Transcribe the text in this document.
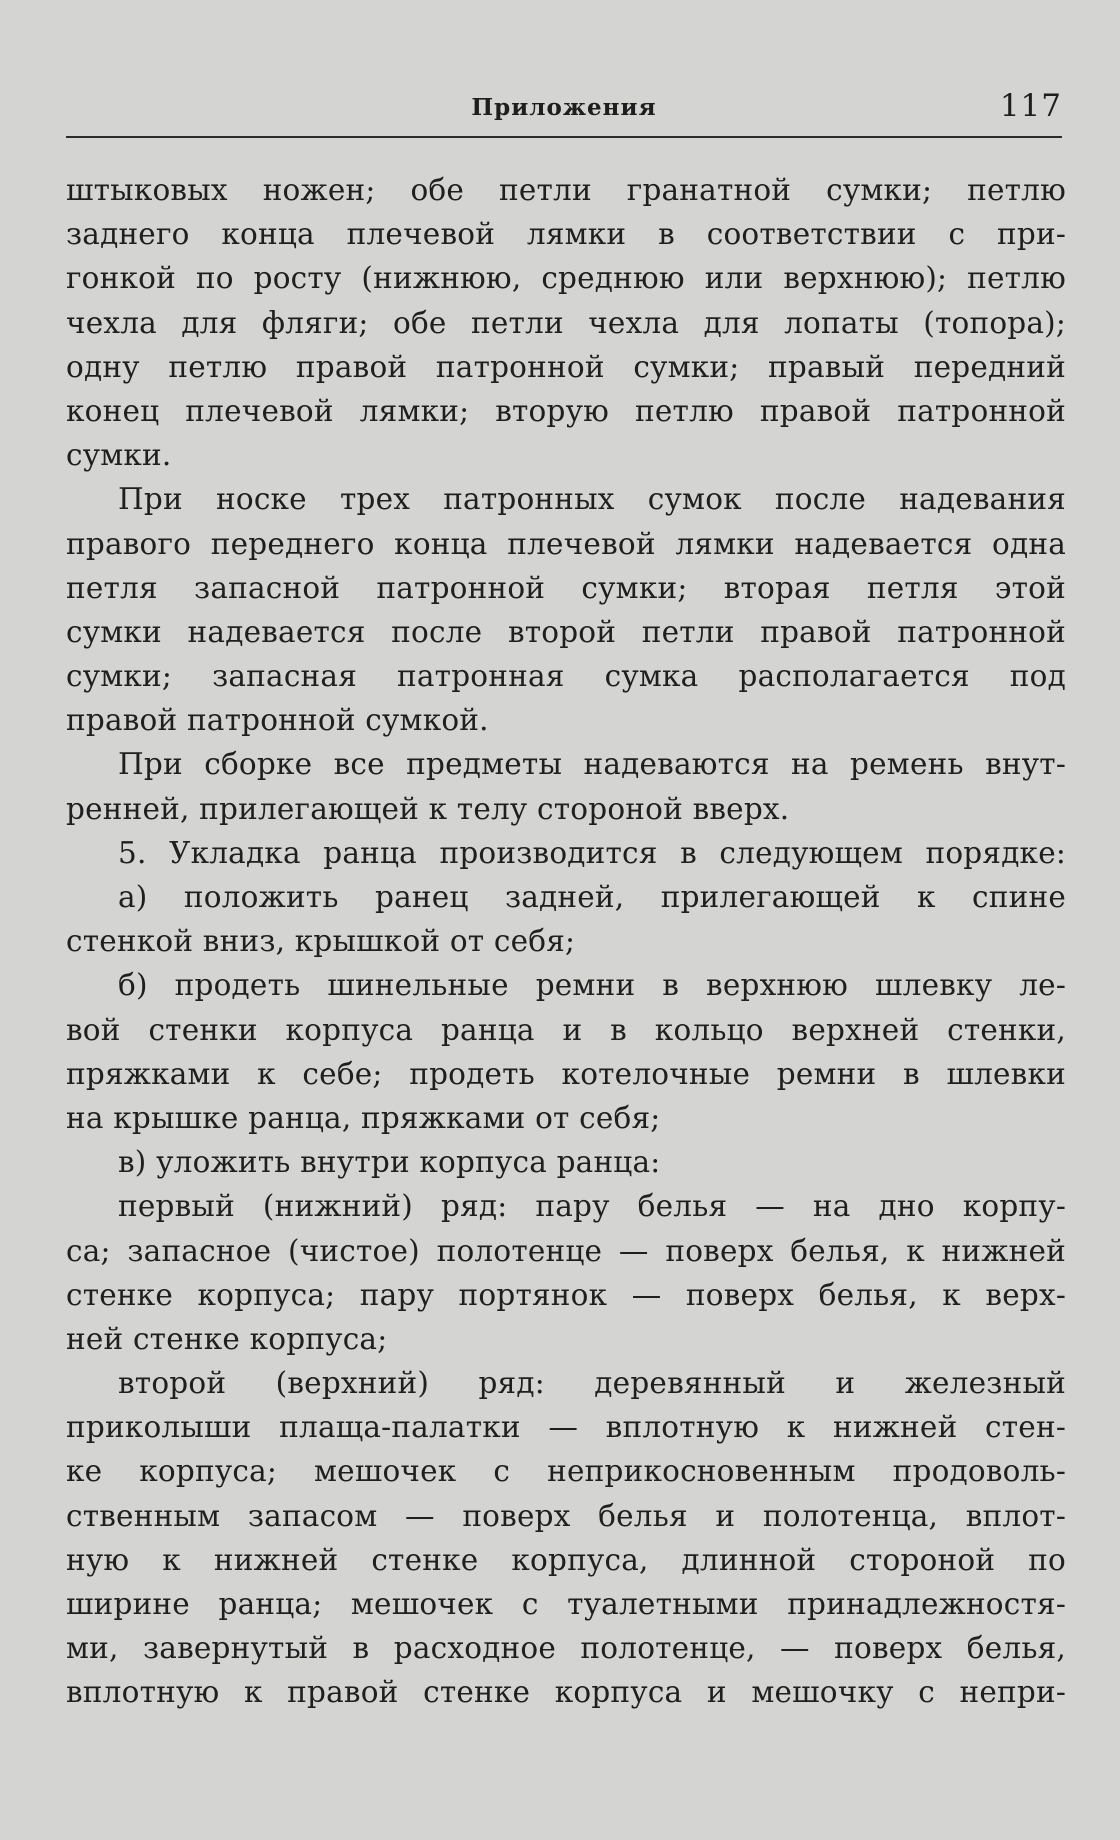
Приложения	117
штыковых ножен; обе петли гранатной сумки; петлю
заднего конца плечевой лямки в соответствии с при-
гонкой по росту (нижнюю, среднюю или верхнюю); петлю
чехла для фляги; обе петли чехла для лопаты (топора);
одну петлю правой патронной сумки; правый передний
конец плечевой лямки; вторую петлю правой патронной
сумки.
При носке трех патронных сумок после надевания
правого переднего конца плечевой лямки надевается одна
петля запасной патронной сумки; вторая петля этой
сумки надевается после второй петли правой патронной
сумки; запасная патронная сумка располагается под
правой патронной сумкой.
При сборке все предметы надеваются на ремень внут-
ренней, прилегающей к телу стороной вверх.
5. Укладка ранца производится в следующем порядке:
а) положить ранец задней, прилегающей к спине
стенкой вниз, крышкой от себя;
б) продеть шинельные ремни в верхнюю шлевку ле-
вой стенки корпуса ранца и в кольцо верхней стенки,
пряжками к себе; продеть котелочные ремни в шлевки
на крышке ранца, пряжками от себя;
в) уложить внутри корпуса ранца:
первый (нижний) ряд: пару белья — на дно корпу-
са; запасное (чистое) полотенце — поверх белья, к нижней
стенке корпуса; пару портянок — поверх белья, к верх-
ней стенке корпуса;
второй (верхний) ряд: деревянный и железный
приколыши плаща-палатки — вплотную к нижней стен-
ке корпуса; мешочек с неприкосновенным продоволь-
ственным запасом — поверх белья и полотенца, вплот-
ную к нижней стенке корпуса, длинной стороной по
ширине ранца; мешочек с туалетными принадлежностя-
ми, завернутый в расходное полотенце, — поверх белья,
вплотную к правой стенке корпуса и мешочку с непри-
